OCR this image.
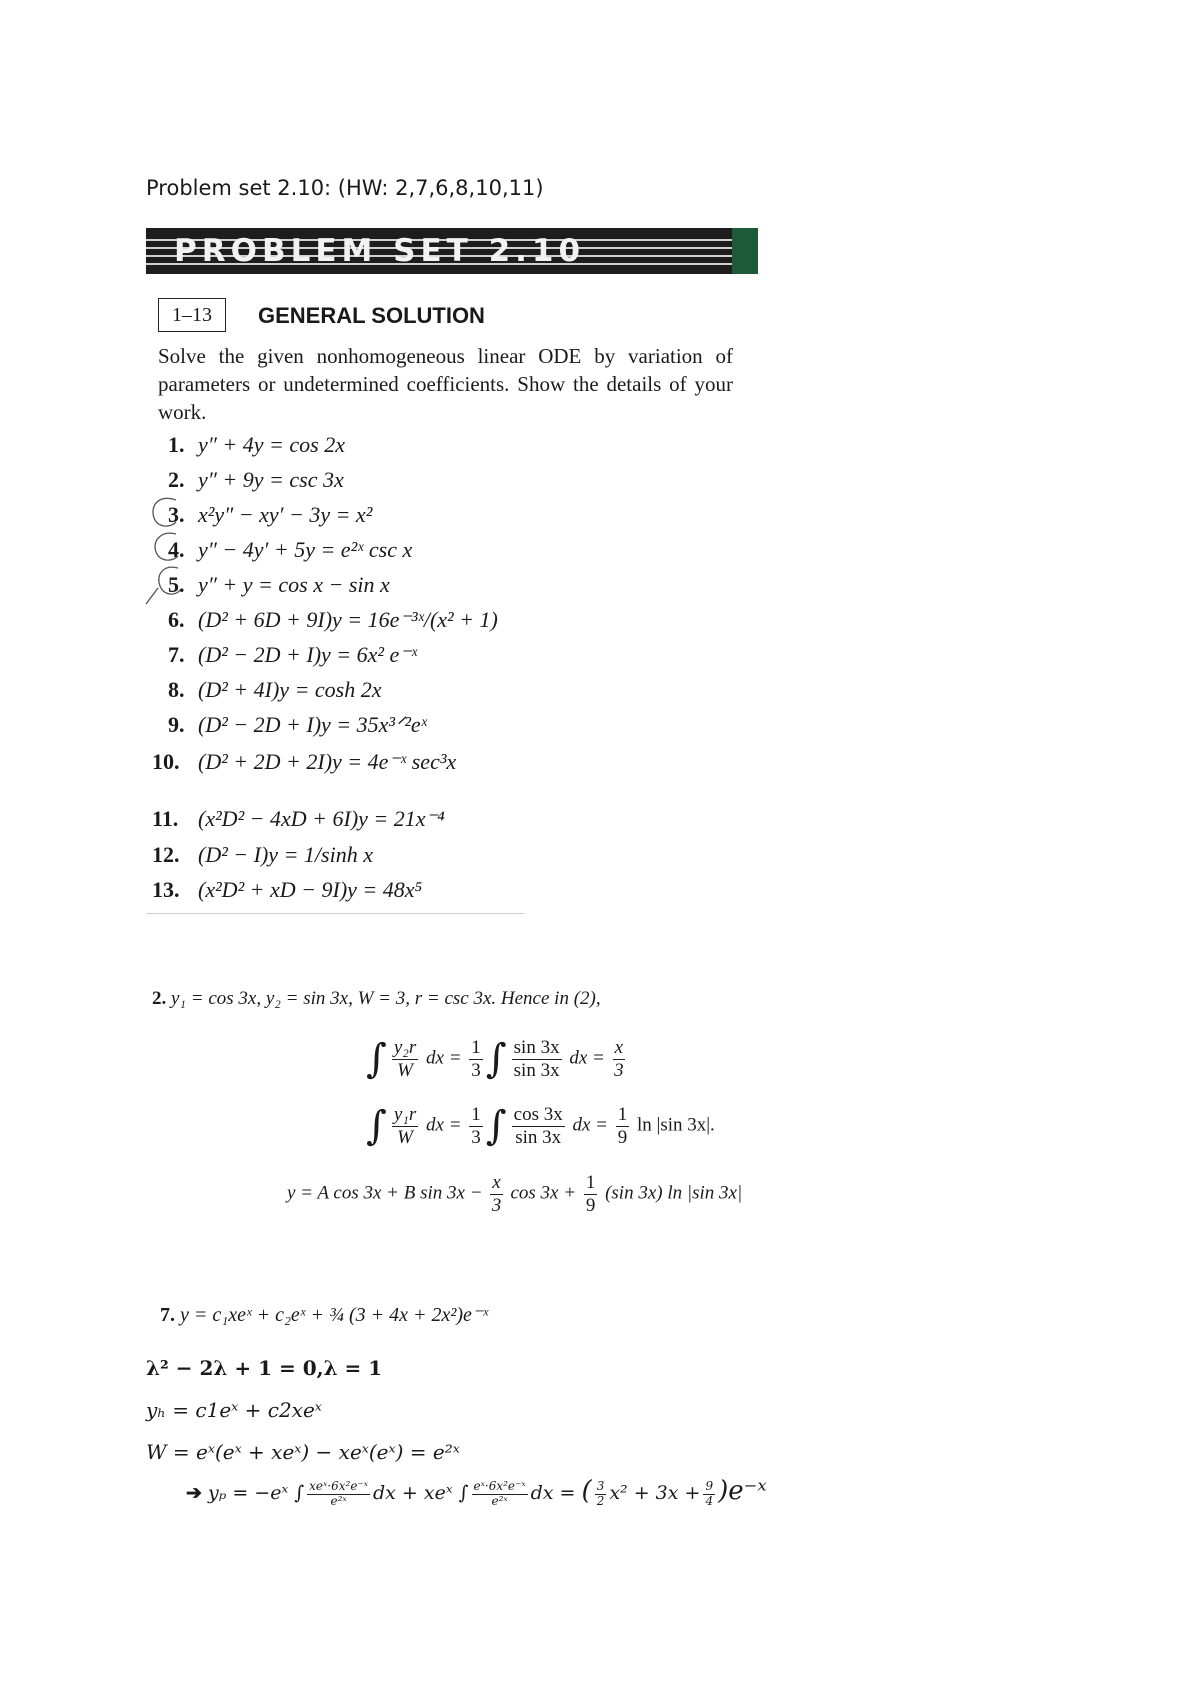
Problem set 2.10: (HW: 2,7,6,8,10,11)
PROBLEM SET 2.10
1–13	GENERAL SOLUTION
Solve the given nonhomogeneous linear ODE by variation of parameters or undetermined coefficients. Show the details of your work.
1. y″ + 4y = cos 2x
2. y″ + 9y = csc 3x
3. x²y″ − xy′ − 3y = x²
4. y″ − 4y′ + 5y = e²ˣ csc x
5. y″ + y = cos x − sin x
6. (D² + 6D + 9I)y = 16e⁻³ˣ/(x² + 1)
7. (D² − 2D + I)y = 6x² e⁻ˣ
8. (D² + 4I)y = cosh 2x
9. (D² − 2D + I)y = 35x³ᐟ²eˣ
10. (D² + 2D + 2I)y = 4e⁻ˣ sec³x
11. (x²D² − 4xD + 6I)y = 21x⁻⁴
12. (D² − I)y = 1/sinh x
13. (x²D² + xD − 9I)y = 48x⁵
2. y₁ = cos 3x, y₂ = sin 3x, W = 3, r = csc 3x. Hence in (2),
∫ $\frac{\text{y₂r}}{W}$ dx = $\frac{1}{3}$ ∫ $\frac{\sin 3x}{\sin 3x}$ dx = $\frac{x}{3}$
∫ $\frac{\text{y₁r}}{W}$ dx = $\frac{1}{3}$ ∫ $\frac{\cos 3x}{\sin 3x}$ dx = $\frac{1}{9}$ ln |sin 3x|.
y = A cos 3x + B $\sin 3x - \frac{x}{3}$ $\cos 3x + \frac{1}{9} (\sin$ 3x) ln |sin 3x|
7. y = c₁xeˣ + c₂eˣ + ¾ (3 + 4x + 2x²)e⁻ˣ
λ² − 2λ + 1 = 0,λ = 1
yₕ = c1eˣ + c2xeˣ
W = eˣ(eˣ + xeˣ) − xeˣ(eˣ) = e²ˣ
➔ yₚ = −eˣ ∫ $\frac{\text{xeˣ·6x²e⁻ˣ}}{\text{e²ˣ}}$ dx + xeˣ ∫ $\frac{\text{eˣ·6x²e⁻ˣ}}{\text{e²ˣ}}$ dx = ( $\frac{3}{2} x^2 + 3x + \frac{9}{4}$ )e⁻ˣ
